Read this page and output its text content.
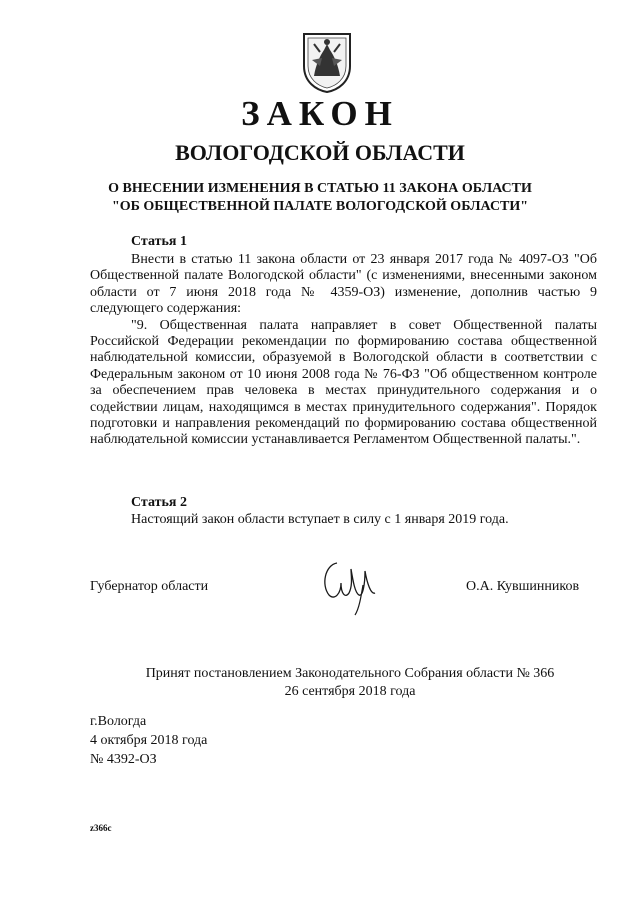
ЗАКОН
ВОЛОГОДСКОЙ ОБЛАСТИ
О ВНЕСЕНИИ ИЗМЕНЕНИЯ В СТАТЬЮ 11 ЗАКОНА ОБЛАСТИ
"ОБ ОБЩЕСТВЕННОЙ ПАЛАТЕ ВОЛОГОДСКОЙ ОБЛАСТИ"
Статья 1

Внести в статью 11 закона области от 23 января 2017 года № 4097-ОЗ "Об Общественной палате Вологодской области" (с изменениями, внесенными законом области от 7 июня 2018 года № 4359-ОЗ) изменение, дополнив частью 9 следующего содержания:

"9. Общественная палата направляет в совет Общественной палаты Российской Федерации рекомендации по формированию состава общественной наблюдательной комиссии, образуемой в Вологодской области в соответствии с Федеральным законом от 10 июня 2008 года № 76-ФЗ "Об общественном контроле за обеспечением прав человека в местах принудительного содержания и о содействии лицам, находящимся в местах принудительного содержания". Порядок подготовки и направления рекомендаций по формированию состава общественной наблюдательной комиссии устанавливается Регламентом Общественной палаты.".

Статья 2

Настоящий закон области вступает в силу с 1 января 2019 года.

Губернатор области	О.А. Кувшинников
Принят постановлением Законодательного Собрания области № 366
26 сентября 2018 года
г.Вологда
4 октября 2018 года
№ 4392-ОЗ
z366c
